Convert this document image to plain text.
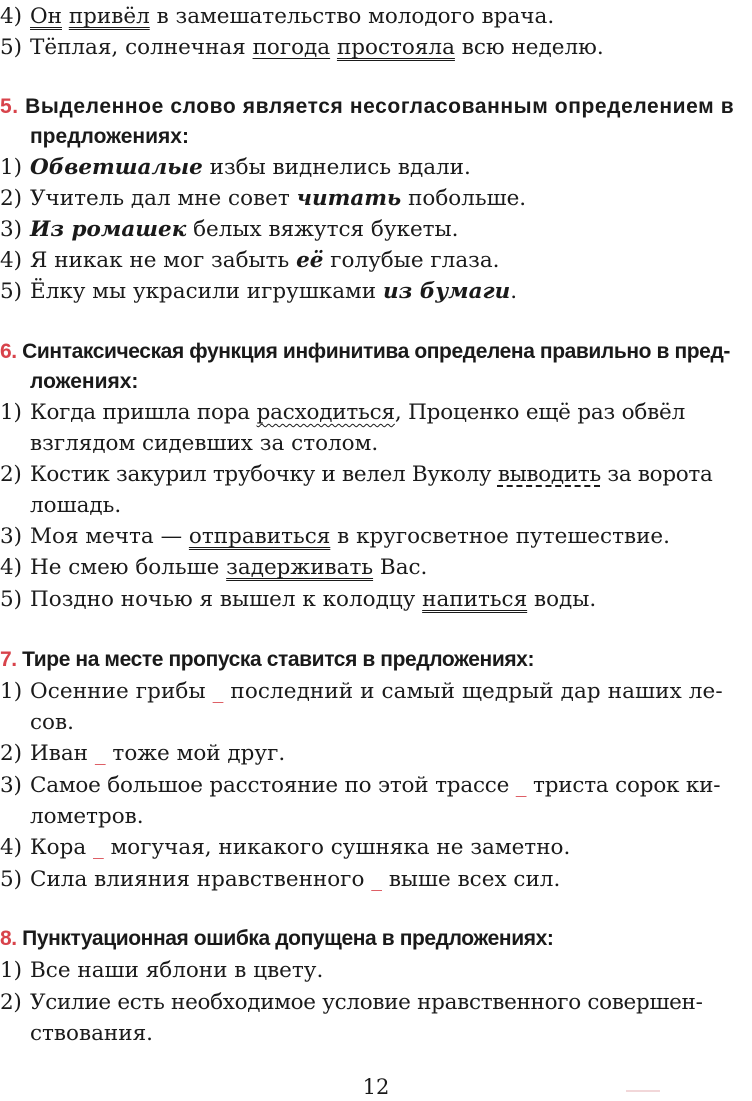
4) Он привёл в замешательство молодого врача.
5) Тёплая, солнечная погода простояла всю неделю.
5. Выделенное слово является несогласованным определением в
предложениях:
1) Обветшалые избы виднелись вдали.
2) Учитель дал мне совет читать побольше.
3) Из ромашек белых вяжутся букеты.
4) Я никак не мог забыть её голубые глаза.
5) Ёлку мы украсили игрушками из бумаги.
6. Синтаксическая функция инфинитива определена правильно в пред-
ложениях:
1) Когда пришла пора расходиться, Проценко ещё раз обвёл
взглядом сидевших за столом.
2) Костик закурил трубочку и велел Вуколу выводить за ворота
лошадь.
3) Моя мечта — отправиться в кругосветное путешествие.
4) Не смею больше задерживать Вас.
5) Поздно ночью я вышел к колодцу напиться воды.
7. Тире на месте пропуска ставится в предложениях:
1) Осенние грибы _ последний и самый щедрый дар наших ле-
сов.
2) Иван _ тоже мой друг.
3) Самое большое расстояние по этой трассе _ триста сорок ки-
лометров.
4) Кора _ могучая, никакого сушняка не заметно.
5) Сила влияния нравственного _ выше всех сил.
8. Пунктуационная ошибка допущена в предложениях:
1) Все наши яблони в цвету.
2) Усилие есть необходимое условие нравственного совершен-
ствования.
12
